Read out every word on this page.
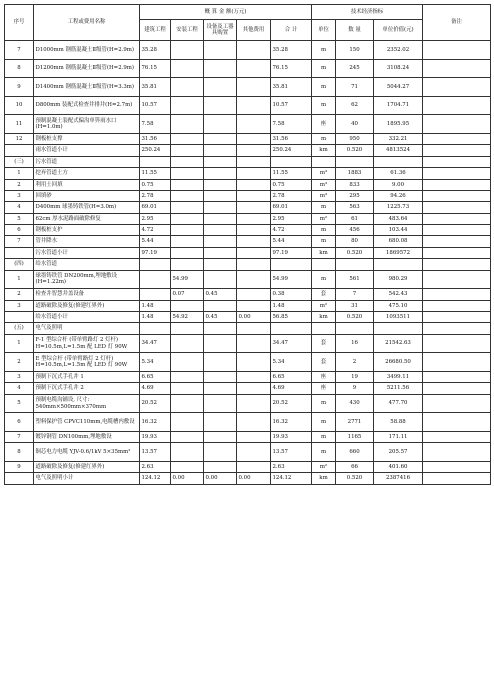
序号	工程或费用名称	概 算 金 额(万元)					技术经济指标			备注
		建筑工程	安装工程	设备及工器具购置	其他费用	合 计	单位	数 量	单位价值(元)	
7	D1000mm 钢筋混凝土Ⅱ级管(H=2.9m)	35.28				35.28	m	150	2352.02	
8	D1200mm 钢筋混凝土Ⅱ级管(H=2.9m)	76.15				76.15	m	245	3108.24	
9	D1400mm 钢筋混凝土Ⅱ级管(H=3.3m)	35.81				35.81	m	71	5044.27	
10	D800mm 装配式检查井排井(H=2.7m)	10.57				10.57	m	62	1704.71	
11	预制混凝土装配式偏沟单箅雨水口(H=1.0m)	7.58				7.58	座	40	1895.95	
12	钢板桩支撑	31.56				31.56	m	950	332.21	
	雨水管道小计	250.24				250.24	km	0.520	4813524	
(三)	污水管道									
1	挖弃管道土方	11.55				11.55	m³	1883	61.36	
2	利用土回填	0.75				0.75	m³	833	9.00	
3	回填砂	2.78				2.78	m³	295	94.26	
4	D400mm 球墨铸铁管(H=3.0m)	69.01				69.01	m	563	1225.73	
5	62cm 厚水泥路面破除修复	2.95				2.95	m²	61	483.64	
6	钢板桩支护	4.72				4.72	m	456	103.44	
7	管井降水	5.44				5.44	m	80	680.08	
	污水管道小计	97.19				97.19	km	0.520	1869572	
(四)	给水管道									
1	球墨铸铁管 DN200mm,埋地敷设(H=1.22m)		54.99			54.99	m	561	980.29	
2	检查井智慧井盖设备		0.07	0.45		0.38	套	7	542.43	
3	道路破除及修复(修建红界外)	1.48				1.48	m²	31	475.10	
	给水管道小计	1.48	54.92	0.45	0.00	56.85	km	0.520	1093511	
(五)	电气及照明									
1	F-1 型综合杆 (带单臂路灯 2 灯杆) H=10.5m,L=1.5m 配 LED 灯 90W	34.47				34.47	套	16	21542.63	
2	E 型综合杆 (带单臂路灯 2 灯杆) H=10.5m,L=1.5m 配 LED 灯 90W	5.34				5.34	套	2	26680.50	
3	预制下沉式手孔井 1	6.65				6.65	座	19	3499.11	
4	预制下沉式手孔井 2	4.69				4.69	座	9	5211.56	
5	预制电缆沟铺设, 尺寸: 540mm×500mm×370mm	20.52				20.52	m	430	477.70	
6	塑料保护管 CPVC110mm,电缆槽内敷设	16.32				16.32	m	2771	58.88	
7	镀锌钢管 DN100mm,埋地敷设	19.93				19.93	m	1165	171.11	
8	铜芯电力电缆 YJV-0.6/1kV 5×35mm²	13.57				13.57	m	660	205.57	
9	道路破除及修复(修建红界外)	2.63				2.63	m²	66	401.60	
	电气及照明小计	124.12	0.00	0.00	0.00	124.12	km	0.520	2387416	
